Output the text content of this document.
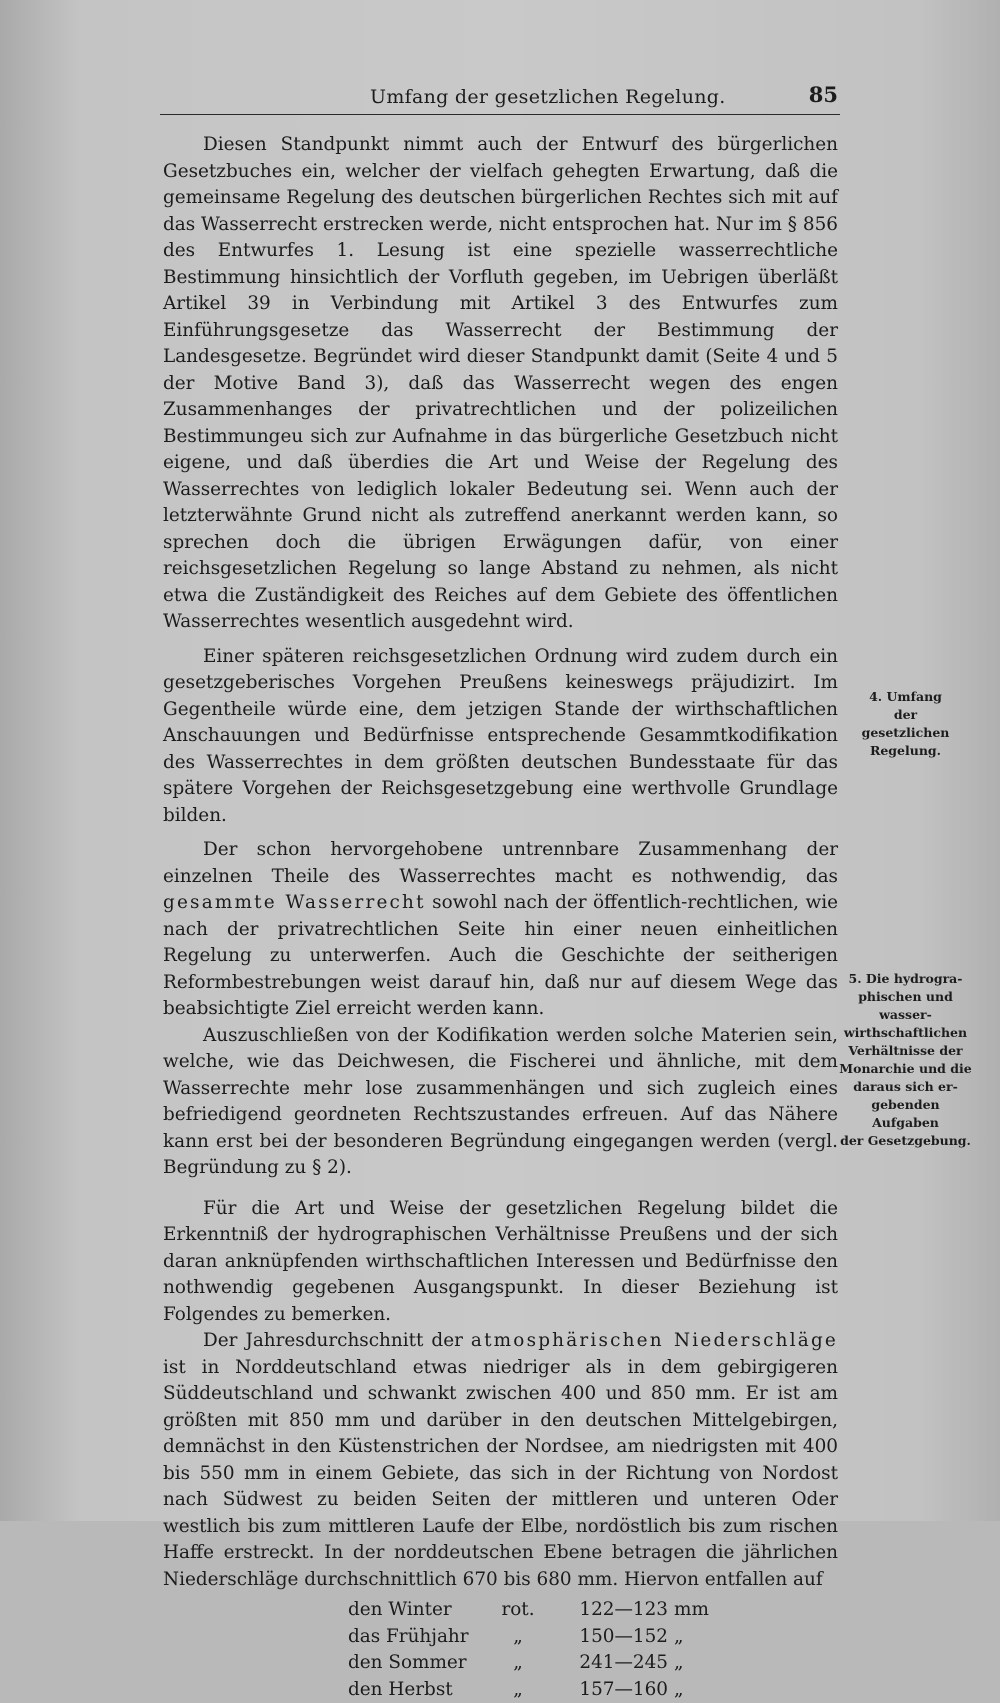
Umfang der gesetzlichen Regelung.	85

Diesen Standpunkt nimmt auch der Entwurf des bürgerlichen Gesetzbuches ein, welcher der vielfach gehegten Erwartung, daß die gemeinsame Regelung des deutschen bürgerlichen Rechtes sich mit auf das Wasserrecht erstrecken werde, nicht entsprochen hat. Nur im § 856 des Entwurfes 1. Lesung ist eine spezielle wasserrechtliche Bestimmung hinsichtlich der Vorfluth gegeben, im Uebrigen überläßt Artikel 39 in Verbindung mit Artikel 3 des Entwurfes zum Einführungsgesetze das Wasserrecht der Bestimmung der Landesgesetze. Begründet wird dieser Standpunkt damit (Seite 4 und 5 der Motive Band 3), daß das Wasserrecht wegen des engen Zusammenhanges der privatrechtlichen und der polizeilichen Bestimmungeu sich zur Aufnahme in das bürgerliche Gesetzbuch nicht eigene, und daß überdies die Art und Weise der Regelung des Wasserrechtes von lediglich lokaler Bedeutung sei. Wenn auch der letzterwähnte Grund nicht als zutreffend anerkannt werden kann, so sprechen doch die übrigen Erwägungen dafür, von einer reichsgesetzlichen Regelung so lange Abstand zu nehmen, als nicht etwa die Zuständigkeit des Reiches auf dem Gebiete des öffentlichen Wasserrechtes wesentlich ausgedehnt wird.

Einer späteren reichsgesetzlichen Ordnung wird zudem durch ein gesetzgeberisches Vorgehen Preußens keineswegs präjudizirt. Im Gegentheile würde eine, dem jetzigen Stande der wirthschaftlichen Anschauungen und Bedürfnisse entsprechende Gesammtkodifikation des Wasserrechtes in dem größten deutschen Bundesstaate für das spätere Vorgehen der Reichsgesetzgebung eine werthvolle Grundlage bilden.

Der schon hervorgehobene untrennbare Zusammenhang der einzelnen Theile des Wasserrechtes macht es nothwendig, das gesammte Wasserrecht sowohl nach der öffentlich-rechtlichen, wie nach der privatrechtlichen Seite hin einer neuen einheitlichen Regelung zu unterwerfen. Auch die Geschichte der seitherigen Reformbestrebungen weist darauf hin, daß nur auf diesem Wege das beabsichtigte Ziel erreicht werden kann.

Auszuschließen von der Kodifikation werden solche Materien sein, welche, wie das Deichwesen, die Fischerei und ähnliche, mit dem Wasserrechte mehr lose zusammenhängen und sich zugleich eines befriedigend geordneten Rechtszustandes erfreuen. Auf das Nähere kann erst bei der besonderen Begründung eingegangen werden (vergl. Begründung zu § 2).

Für die Art und Weise der gesetzlichen Regelung bildet die Erkenntniß der hydrographischen Verhältnisse Preußens und der sich daran anknüpfenden wirthschaftlichen Interessen und Bedürfnisse den nothwendig gegebenen Ausgangspunkt. In dieser Beziehung ist Folgendes zu bemerken.

Der Jahresdurchschnitt der atmosphärischen Niederschläge ist in Norddeutschland etwas niedriger als in dem gebirgigeren Süddeutschland und schwankt zwischen 400 und 850 mm. Er ist am größten mit 850 mm und darüber in den deutschen Mittelgebirgen, demnächst in den Küstenstrichen der Nordsee, am niedrigsten mit 400 bis 550 mm in einem Gebiete, das sich in der Richtung von Nordost nach Südwest zu beiden Seiten der mittleren und unteren Oder westlich bis zum mittleren Laufe der Elbe, nordöstlich bis zum rischen Haffe erstreckt. In der norddeutschen Ebene betragen die jährlichen Niederschläge durchschnittlich 670 bis 680 mm. Hiervon entfallen auf

den Winter	rot.	122—123	mm
das Frühjahr	„	150—152	„
den Sommer	„	241—245	„
den Herbst	„	157—160	„
4. Umfang
der gesetzlichen
Regelung.
5. Die hydrogra-
phischen und wasser-
wirthschaftlichen
Verhältnisse der
Monarchie und die
daraus sich er-
gebenden Aufgaben
der Gesetzgebung.
